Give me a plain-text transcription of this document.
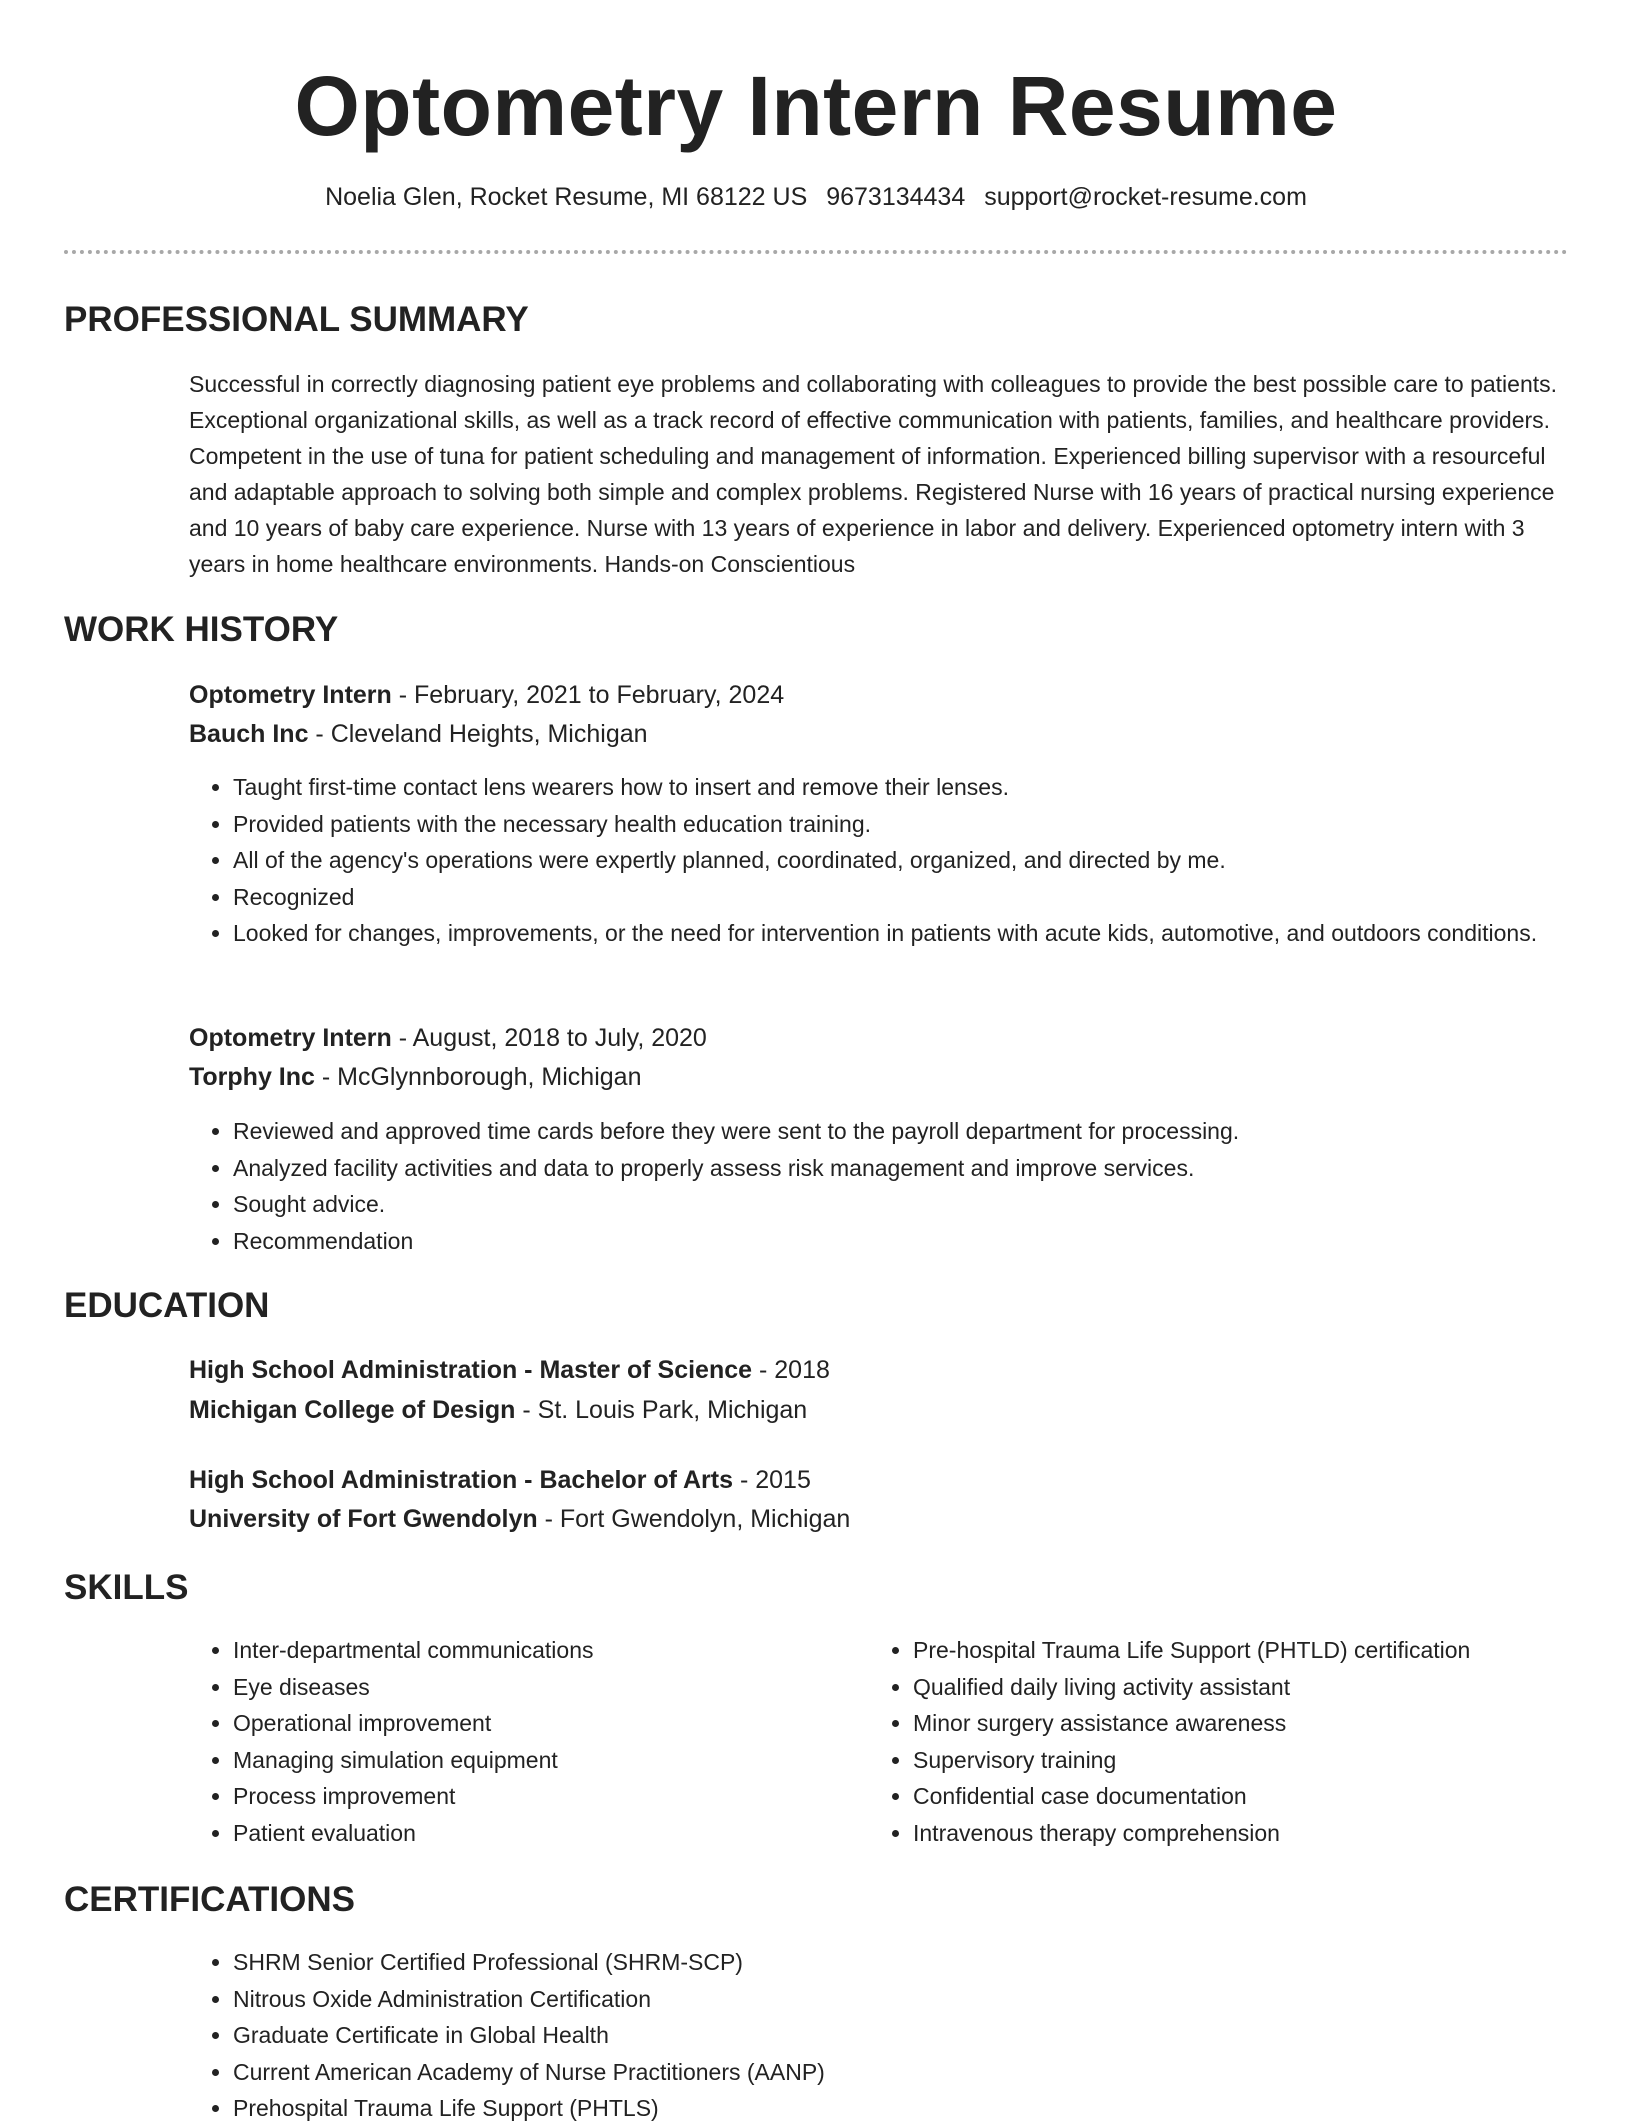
Optometry Intern Resume

Noelia Glen, Rocket Resume, MI 68122 US 9673134434 support@rocket-resume.com

PROFESSIONAL SUMMARY

Successful in correctly diagnosing patient eye problems and collaborating with colleagues to provide the best possible care to patients. Exceptional organizational skills, as well as a track record of effective communication with patients, families, and healthcare providers. Competent in the use of tuna for patient scheduling and management of information. Experienced billing supervisor with a resourceful and adaptable approach to solving both simple and complex problems. Registered Nurse with 16 years of practical nursing experience and 10 years of baby care experience. Nurse with 13 years of experience in labor and delivery. Experienced optometry intern with 3 years in home healthcare environments. Hands-on Conscientious

WORK HISTORY

Optometry Intern - February, 2021 to February, 2024

Bauch Inc - Cleveland Heights, Michigan

• Taught first-time contact lens wearers how to insert and remove their lenses.
• Provided patients with the necessary health education training.
• All of the agency's operations were expertly planned, coordinated, organized, and directed by me.
• Recognized
• Looked for changes, improvements, or the need for intervention in patients with acute kids, automotive, and outdoors conditions.

Optometry Intern - August, 2018 to July, 2020

Torphy Inc - McGlynnborough, Michigan

• Reviewed and approved time cards before they were sent to the payroll department for processing.
• Analyzed facility activities and data to properly assess risk management and improve services.
• Sought advice.
• Recommendation
EDUCATION

High School Administration - Master of Science - 2018

Michigan College of Design - St. Louis Park, Michigan

High School Administration - Bachelor of Arts - 2015

University of Fort Gwendolyn - Fort Gwendolyn, Michigan

SKILLS
• Inter-departmental communications
• Eye diseases
• Operational improvement
• Managing simulation equipment
• Process improvement
• Patient evaluation
• Pre-hospital Trauma Life Support (PHTLD) certification
• Qualified daily living activity assistant
• Minor surgery assistance awareness
• Supervisory training
• Confidential case documentation
• Intravenous therapy comprehension
CERTIFICATIONS
• SHRM Senior Certified Professional (SHRM-SCP)
• Nitrous Oxide Administration Certification
• Graduate Certificate in Global Health
• Current American Academy of Nurse Practitioners (AANP)
• Prehospital Trauma Life Support (PHTLS)
